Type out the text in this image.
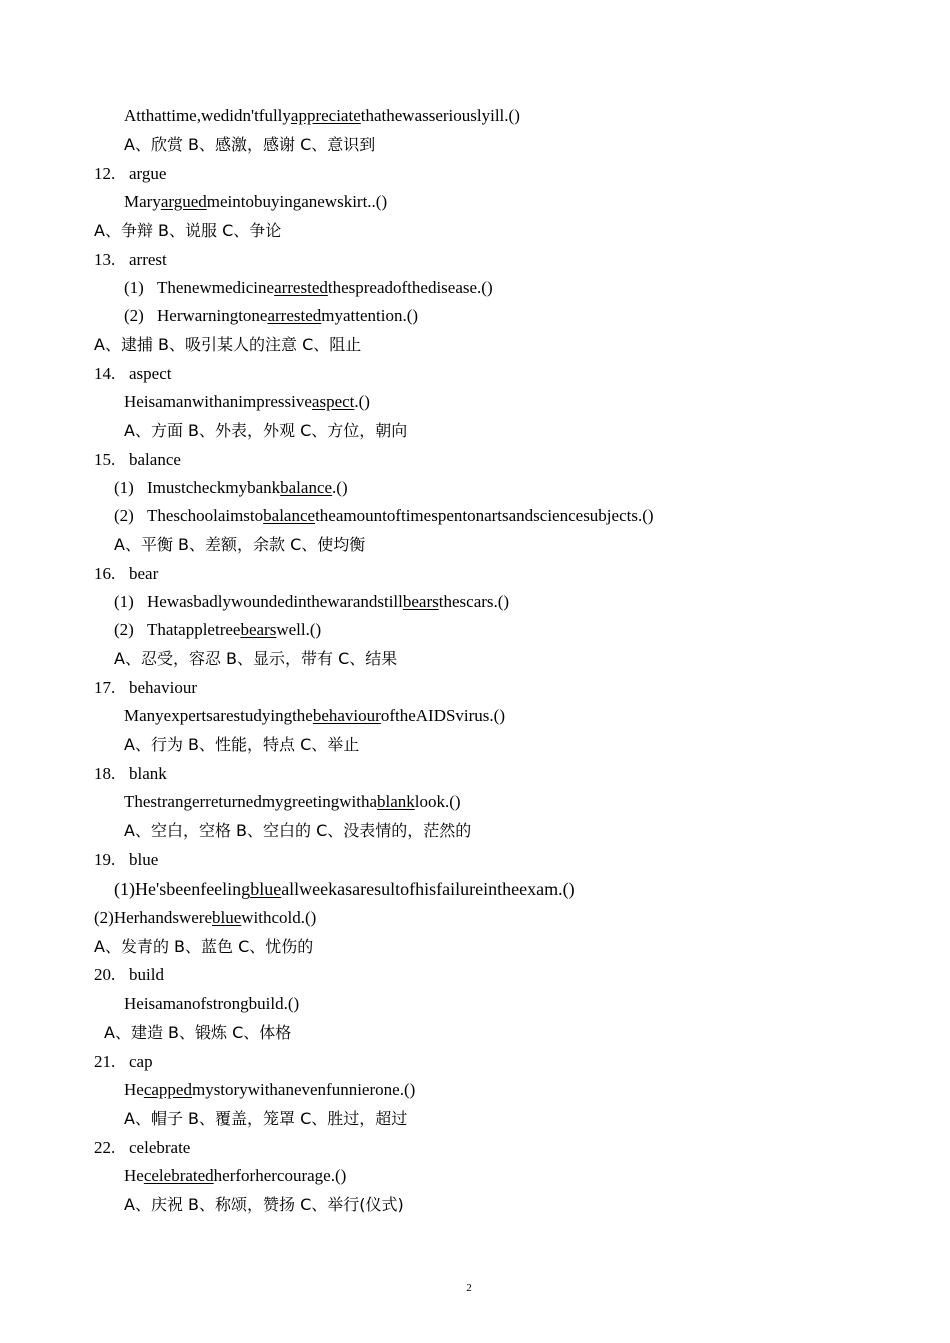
Atthattime,wedidn'tfullyappreciatethathewasseriouslyill.()
A、欣赏 B、感激，感谢 C、意识到
12. argue
Maryarguedmeintobuyinganewskirt..()
A、争辩 B、说服 C、争论
13. arrest
(1) Thenewmedicinearrestedthespreadofthedisease.()
(2) Herwarningtonearrestedmyattention.()
A、逮捕 B、吸引某人的注意 C、阻止
14. aspect
Heisamanwithanimpressiveaspect.()
A、方面 B、外表，外观 C、方位，朝向
15. balance
(1) Imustcheckmybankbalance.()
(2) Theschoolaimstobalancetheamountoftimespentonartsandsciencesubjects.()
A、平衡 B、差额，余款 C、使均衡
16. bear
(1) Hewasbadlywoundedinthewarandstillbearsthescars.()
(2) Thatappletreebearswell.()
A、忍受，容忍 B、显示，带有 C、结果
17. behaviour
ManyexpertsarestudyingthebehaviouroftheAIDSvirus.()
A、行为 B、性能，特点 C、举止
18. blank
Thestrangerreturnedmygreetingwithablanklook.()
A、空白，空格 B、空白的 C、没表情的，茫然的
19. blue
(1)He'sbeenfeelingblueallweekasaresultofhisfailureintheexam.()
(2)Herhandswerebluewithcold.()
A、发青的 B、蓝色 C、忧伤的
20. build
Heisamanofstrongbuild.()
A、建造 B、锻炼 C、体格
21. cap
Hecappedmystorywithanevenfunnierone.()
A、帽子 B、覆盖，笼罩 C、胜过，超过
22. celebrate
Hecelebratedherforhercourage.()
A、庆祝 B、称颂，赞扬 C、举行(仪式)
2
